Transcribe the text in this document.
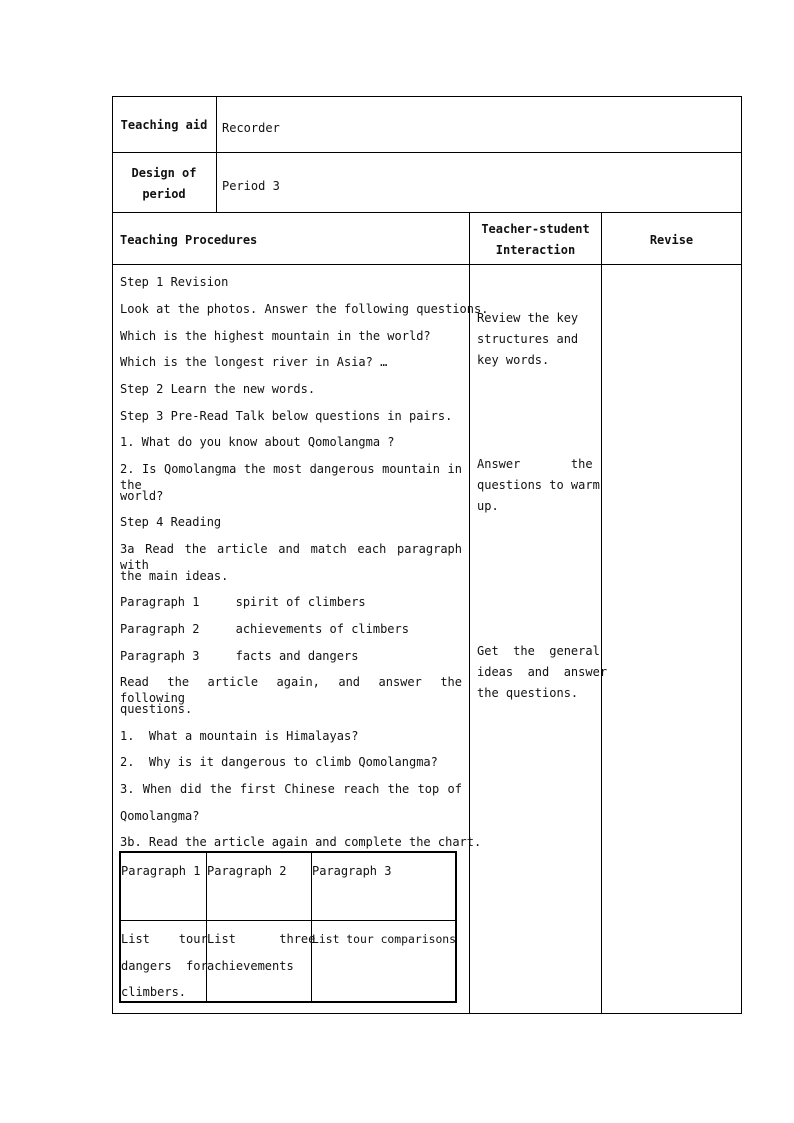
Teaching aid	Recorder
Design of
period
Period 3
Teaching Procedures
Teacher-student
Interaction
Revise
Step 1 Revision
Look at the photos. Answer the following questions.
Which is the highest mountain in the world?
Which is the longest river in Asia? …
Step 2 Learn the new words.
Step 3 Pre-Read Talk below questions in pairs.
1. What do you know about Qomolangma ?
2. Is Qomolangma the most dangerous mountain in the
world?
Step 4 Reading
3a Read the article and match each paragraph with
the main ideas.
Paragraph 1     spirit of climbers
Paragraph 2     achievements of climbers
Paragraph 3     facts and dangers
Read the article again, and answer the following
questions.
1.  What a mountain is Himalayas?
2.  Why is it dangerous to climb Qomolangma?
3. When did the first Chinese reach the top of
Qomolangma?
3b. Read the article again and complete the chart.
Paragraph 1 Paragraph 2 Paragraph 3
List    tour
dangers  for
climbers.
List      three
achievements
List tour comparisons
Review the key
structures and
key words.
Answer       the
questions to warm
up.
Get  the  general
ideas  and  answer
the questions.
